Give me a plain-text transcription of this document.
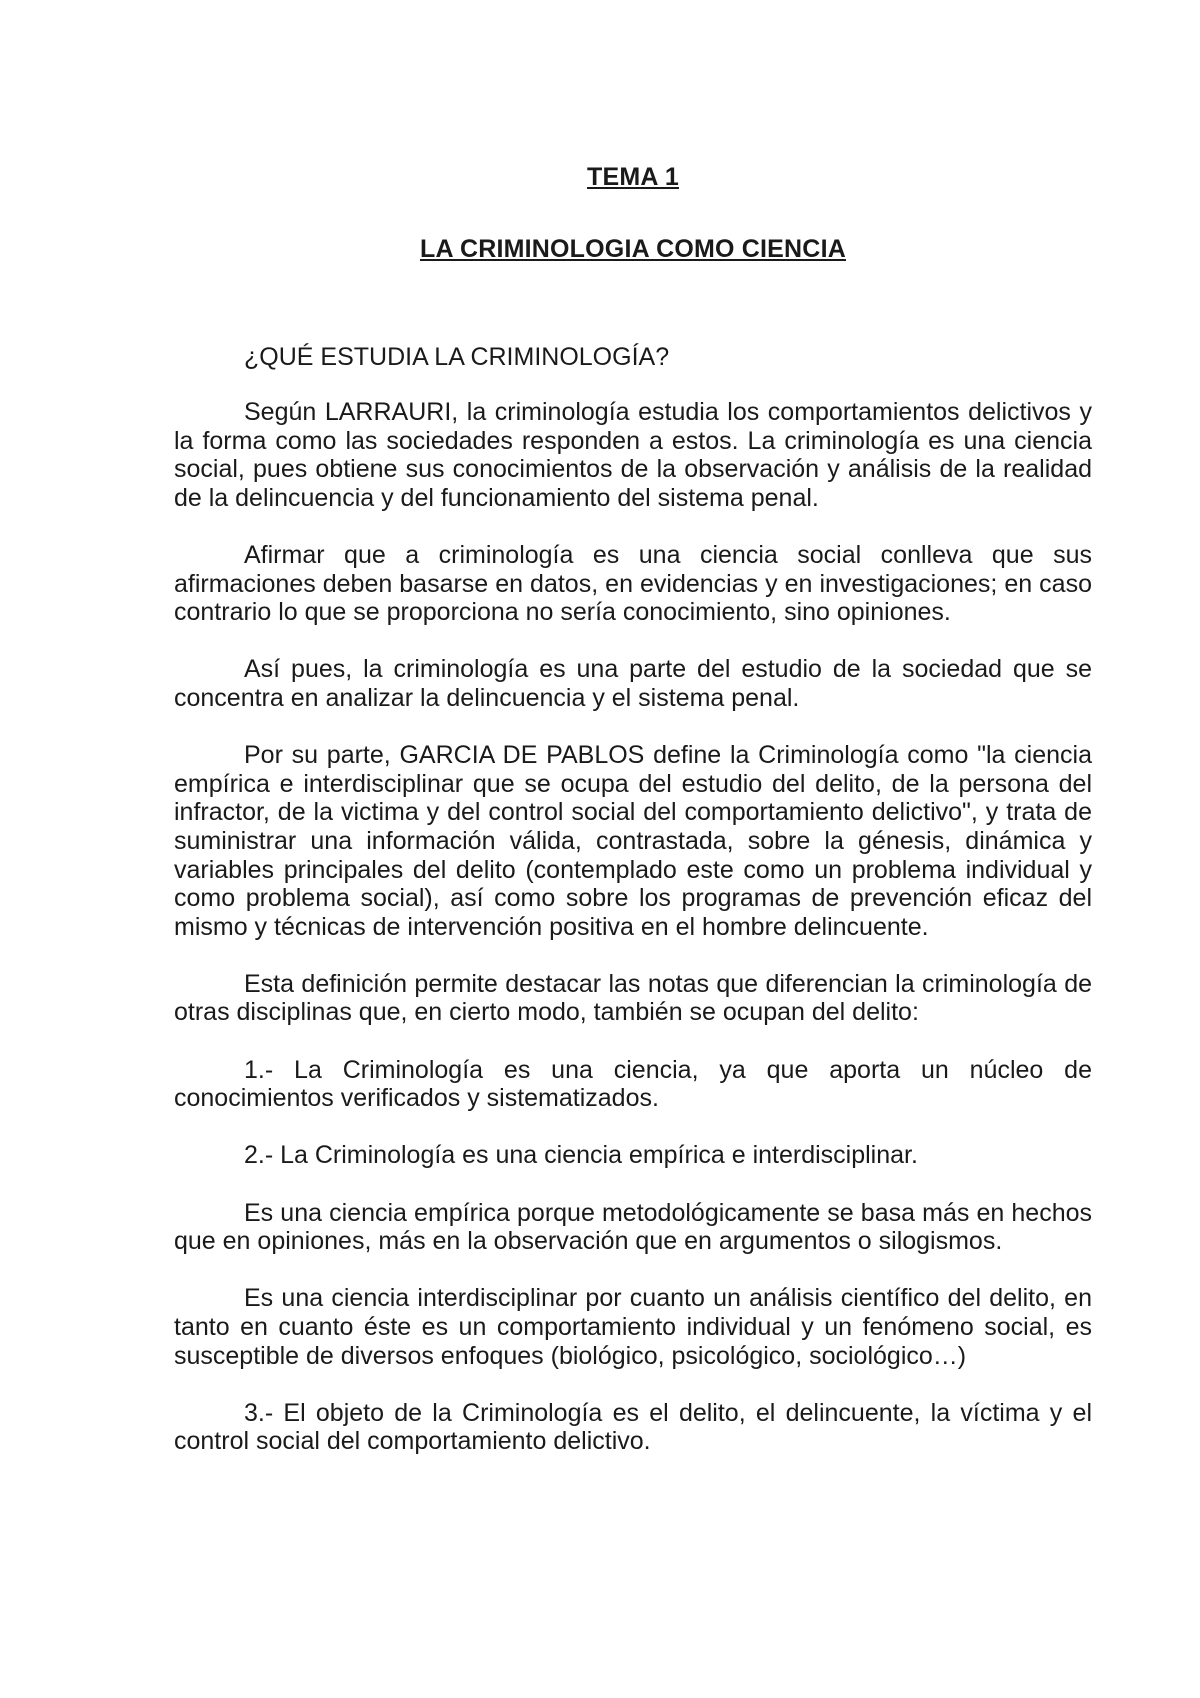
TEMA 1
LA CRIMINOLOGIA COMO CIENCIA
¿QUÉ ESTUDIA LA CRIMINOLOGÍA?

Según LARRAURI, la criminología estudia los comportamientos delictivos y la forma como las sociedades responden a estos. La criminología es una ciencia social, pues obtiene sus conocimientos de la observación y análisis de la realidad de la delincuencia y del funcionamiento del sistema penal.

Afirmar que a criminología es una ciencia social conlleva que sus afirmaciones deben basarse en datos, en evidencias y en investigaciones; en caso contrario lo que se proporciona no sería conocimiento, sino opiniones.

Así pues, la criminología es una parte del estudio de la sociedad que se concentra en analizar la delincuencia y el sistema penal.

Por su parte, GARCIA DE PABLOS define la Criminología como "la ciencia empírica e interdisciplinar que se ocupa del estudio del delito, de la persona del infractor, de la victima y del control social del comportamiento delictivo", y trata de suministrar una información válida, contrastada, sobre la génesis, dinámica y variables principales del delito (contemplado este como un problema individual y como problema social), así como sobre los programas de prevención eficaz del mismo y técnicas de intervención positiva en el hombre delincuente.

Esta definición permite destacar las notas que diferencian la criminología de otras disciplinas que, en cierto modo, también se ocupan del delito:

1.- La Criminología es una ciencia, ya que aporta un núcleo de conocimientos verificados y sistematizados.

2.- La Criminología es una ciencia empírica e interdisciplinar.

Es una ciencia empírica porque metodológicamente se basa más en hechos que en opiniones, más en la observación que en argumentos o silogismos.

Es una ciencia interdisciplinar por cuanto un análisis científico del delito, en tanto en cuanto éste es un comportamiento individual y un fenómeno social, es susceptible de diversos enfoques (biológico, psicológico, sociológico…)

3.- El objeto de la Criminología es el delito, el delincuente, la víctima y el control social del comportamiento delictivo.
